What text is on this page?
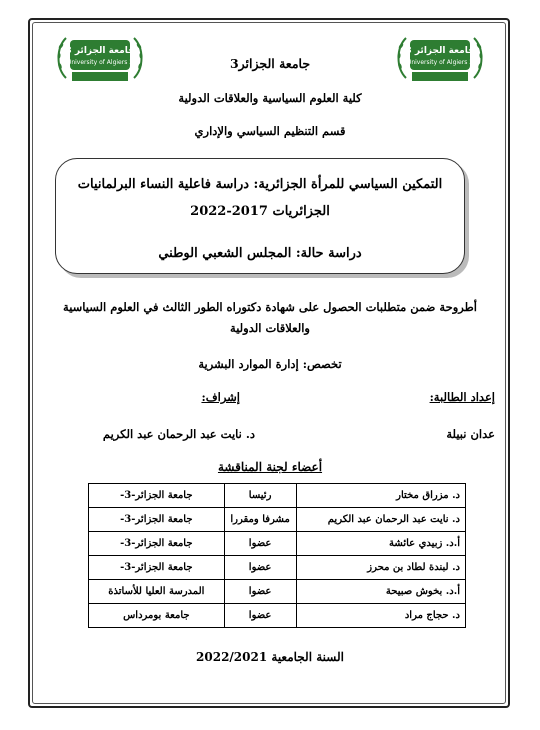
جامعة الجزائر 3
University of Algiers 3
جامعة الجزائر 3
University of Algiers 3
جامعة الجزائر3
كلية العلوم السياسية والعلاقات الدولية
قسم التنظيم السياسي والإداري
التمكين السياسي للمرأة الجزائرية: دراسة فاعلية النساء البرلمانيات
الجزائريات 2017-2022
دراسة حالة: المجلس الشعبي الوطني
أطروحة ضمن متطلبات الحصول على شهادة دكتوراه الطور الثالث في العلوم السياسية
والعلاقات الدولية
تخصص: إدارة الموارد البشرية
إعداد الطالبة:
إشراف:
عدان نبيلة
د. نايت عبد الرحمان عبد الكريم
أعضاء لجنة المناقشة
د. مزراق مختار	رئيسا	جامعة الجزائر-3-
د. نايت عبد الرحمان عبد الكريم	مشرفا ومقررا	جامعة الجزائر-3-
أ.د. زبيدي عائشة	عضوا	جامعة الجزائر-3-
د. لبندة لطاد بن محرز	عضوا	جامعة الجزائر-3-
أ.د. بخوش صبيحة	عضوا	المدرسة العليا للأساتذة
د. حجاج مراد	عضوا	جامعة بومرداس
السنة الجامعية 2022/2021
